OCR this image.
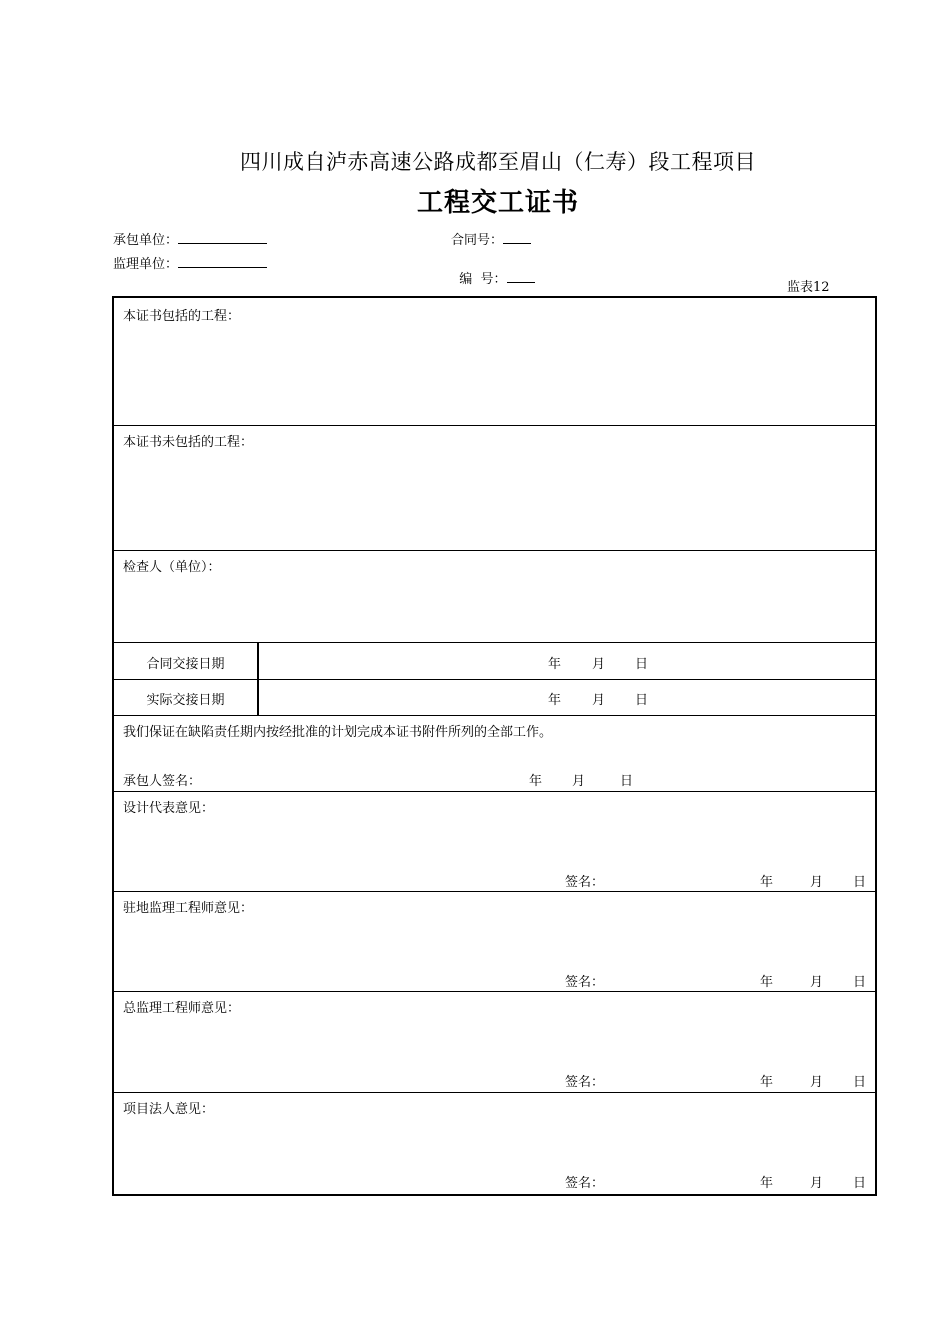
四川成自泸赤高速公路成都至眉山（仁寿）段工程项目
工程交工证书
承包单位：
监理单位：
合同号：

编  号：

监表12
本证书包括的工程：
本证书未包括的工程：
检查人（单位）：
合同交接日期	年 月 日
实际交接日期	年 月 日
我们保证在缺陷责任期内按经批准的计划完成本证书附件所列的全部工作。
承包人签名：	年 月	日
设计代表意见：
签名：	年	月 日
驻地监理工程师意见：
签名：	年	月 日
总监理工程师意见：
签名：	年	月 日
项目法人意见：
签名：	年	月 日
